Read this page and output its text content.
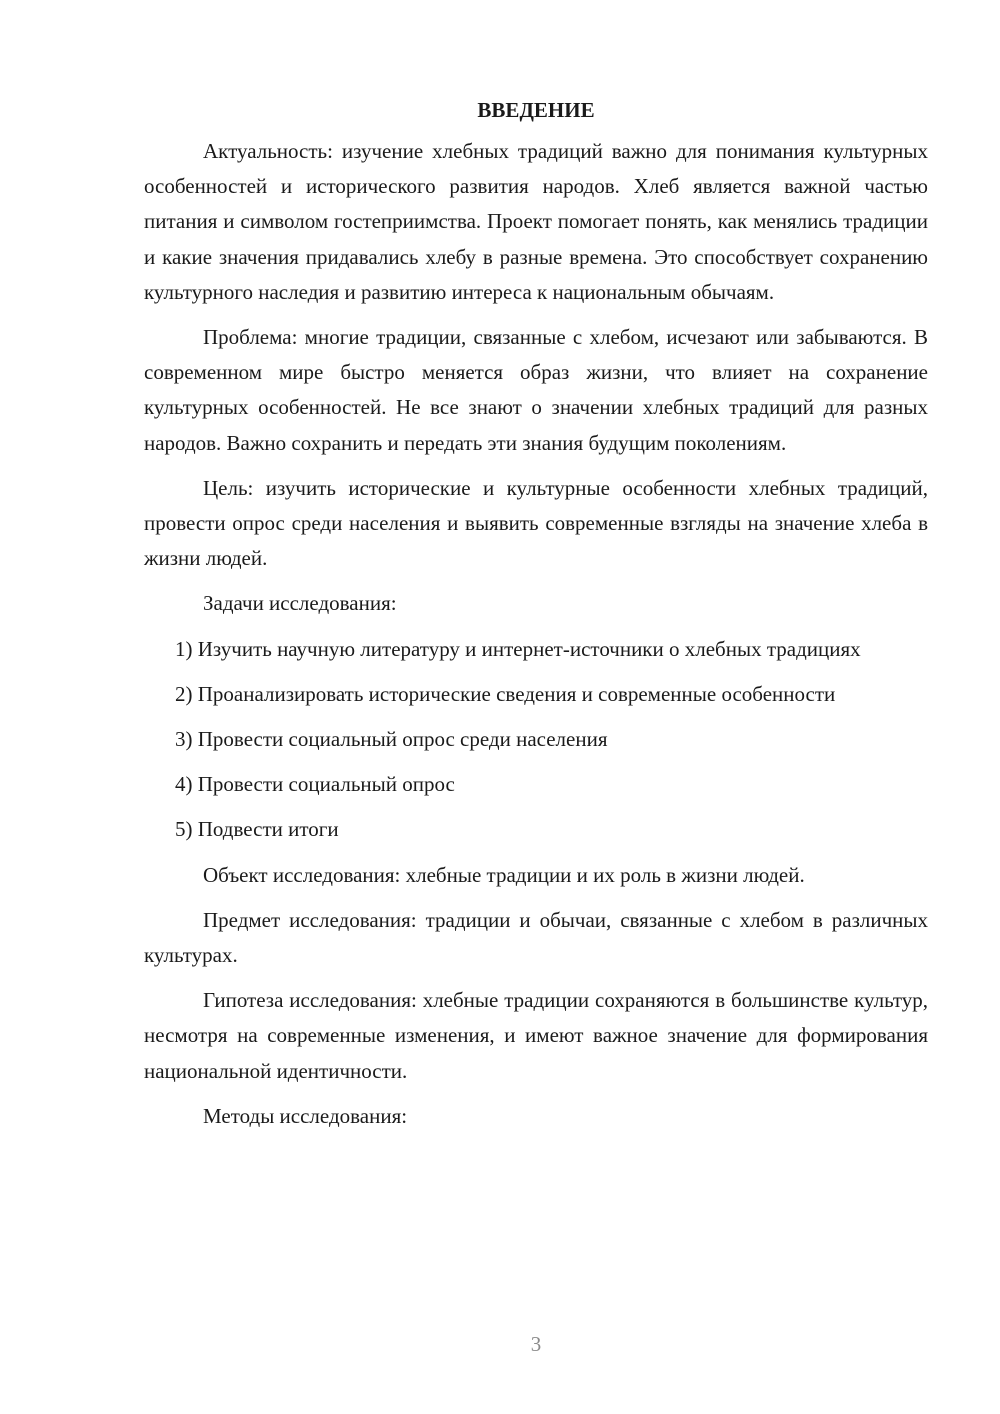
ВВЕДЕНИЕ

Актуальность: изучение хлебных традиций важно для понимания культурных особенностей и исторического развития народов. Хлеб является важной частью питания и символом гостеприимства. Проект помогает понять, как менялись традиции и какие значения придавались хлебу в разные времена. Это способствует сохранению культурного наследия и развитию интереса к национальным обычаям.

Проблема: многие традиции, связанные с хлебом, исчезают или забываются. В современном мире быстро меняется образ жизни, что влияет на сохранение культурных особенностей. Не все знают о значении хлебных традиций для разных народов. Важно сохранить и передать эти знания будущим поколениям.

Цель: изучить исторические и культурные особенности хлебных традиций, провести опрос среди населения и выявить современные взгляды на значение хлеба в жизни людей.

Задачи исследования:

1) Изучить научную литературу и интернет-источники о хлебных традициях

2) Проанализировать исторические сведения и современные особенности

3) Провести социальный опрос среди населения

4) Провести социальный опрос

5) Подвести итоги

Объект исследования: хлебные традиции и их роль в жизни людей.

Предмет исследования: традиции и обычаи, связанные с хлебом в различных культурах.

Гипотеза исследования: хлебные традиции сохраняются в большинстве культур, несмотря на современные изменения, и имеют важное значение для формирования национальной идентичности.

Методы исследования:

3
